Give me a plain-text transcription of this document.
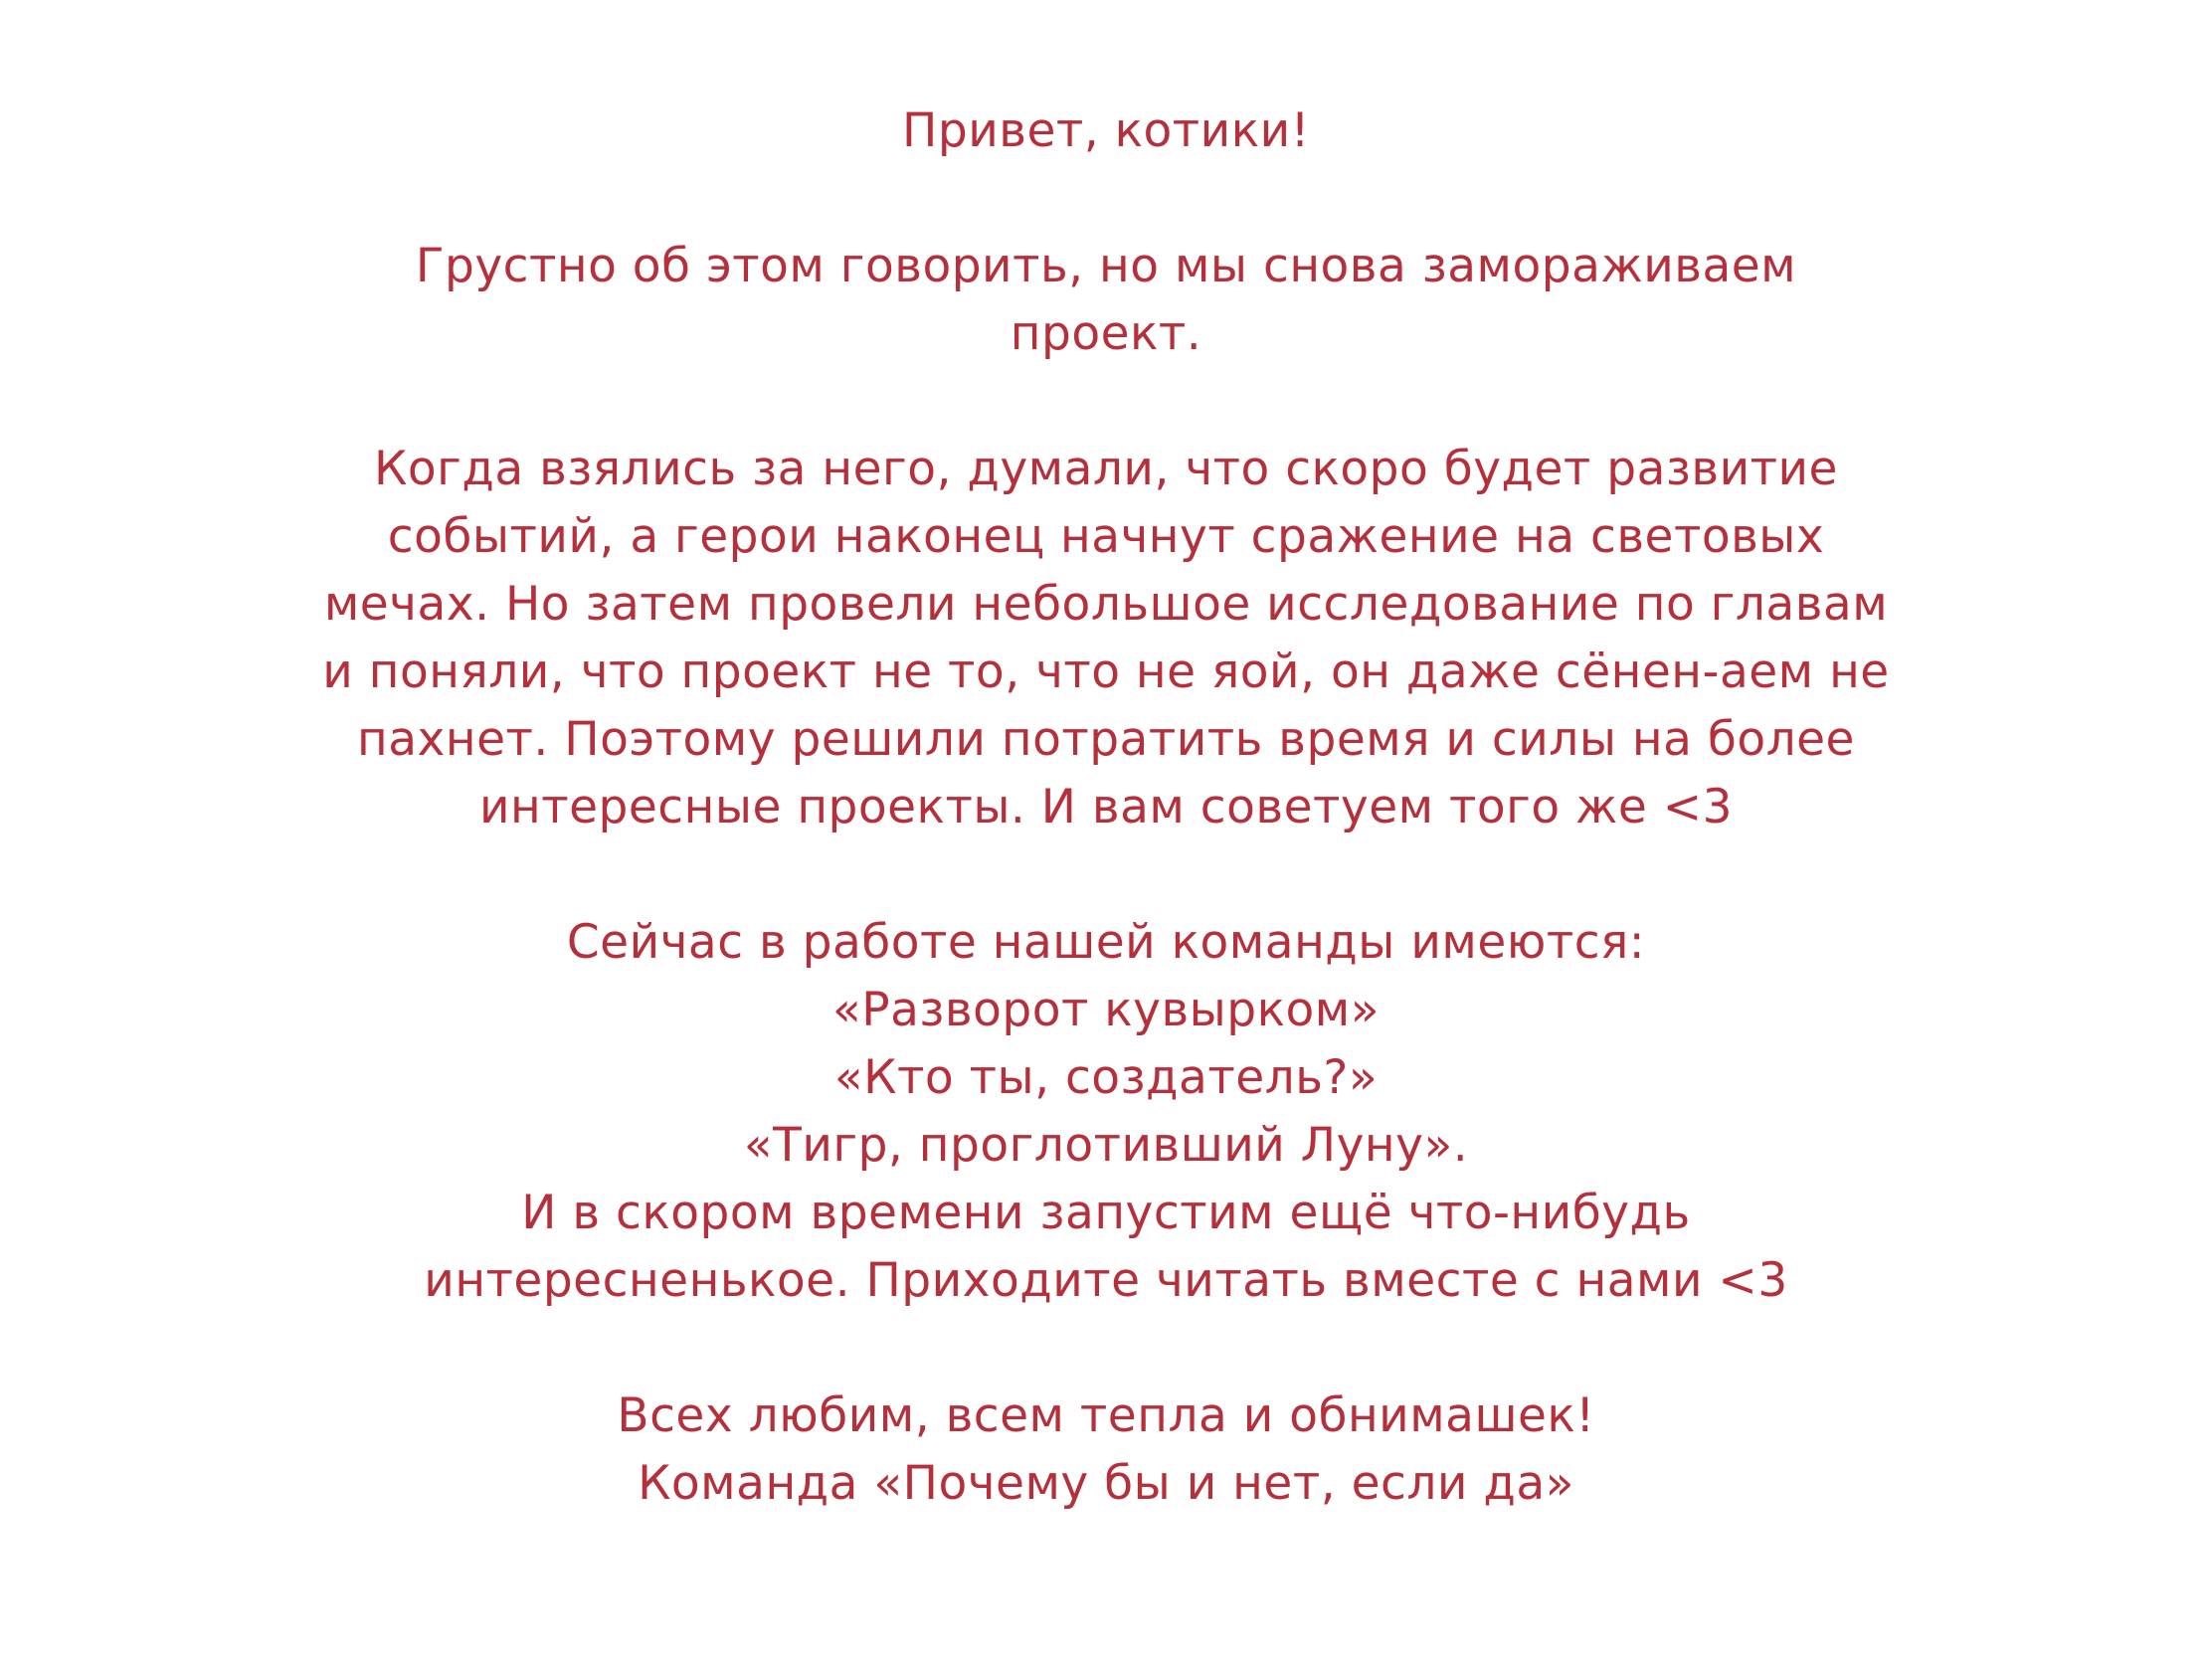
Привет, котики!
Грустно об этом говорить, но мы снова замораживаем
проект.
Когда взялись за него, думали, что скоро будет развитие
событий, а герои наконец начнут сражение на световых
мечах. Но затем провели небольшое исследование по главам
и поняли, что проект не то, что не яой, он даже сёнен-аем не
пахнет. Поэтому решили потратить время и силы на более
интересные проекты. И вам советуем того же <3
Сейчас в работе нашей команды имеются:
«Разворот кувырком»
«Кто ты, создатель?»
«Тигр, проглотивший Луну».
И в скором времени запустим ещё что-нибудь
интересненькое. Приходите читать вместе с нами <3
Всех любим, всем тепла и обнимашек!
Команда «Почему бы и нет, если да»
